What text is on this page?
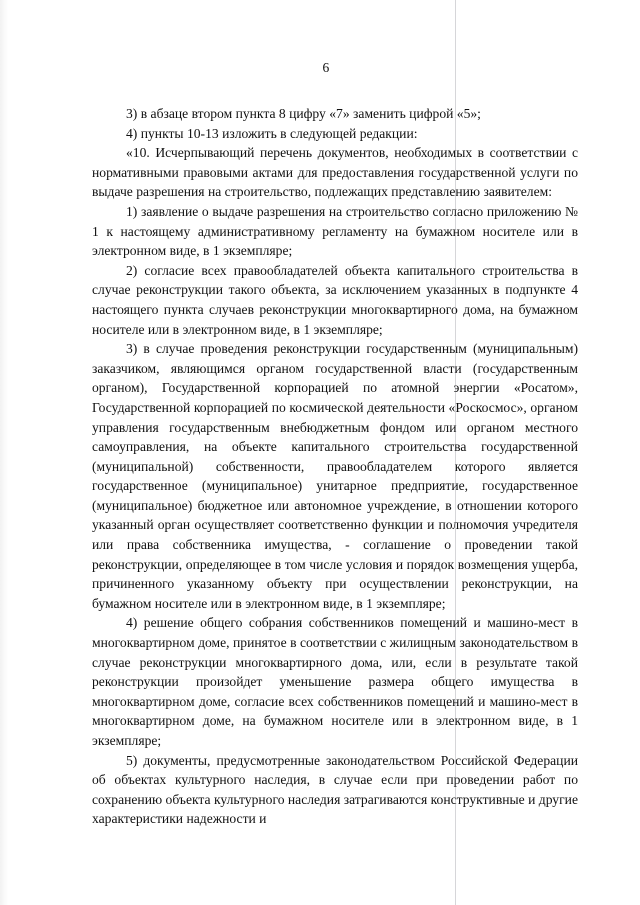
6

3) в абзаце втором пункта 8 цифру «7» заменить цифрой «5»;

4) пункты 10-13 изложить в следующей редакции:

«10. Исчерпывающий перечень документов, необходимых в соответствии с нормативными правовыми актами для предоставления государственной услуги по выдаче разрешения на строительство, подлежащих представлению заявителем:

1) заявление о выдаче разрешения на строительство согласно приложению № 1 к настоящему административному регламенту на бумажном носителе или в электронном виде, в 1 экземпляре;

2) согласие всех правообладателей объекта капитального строительства в случае реконструкции такого объекта, за исключением указанных в подпункте 4 настоящего пункта случаев реконструкции многоквартирного дома, на бумажном носителе или в электронном виде, в 1 экземпляре;

3) в случае проведения реконструкции государственным (муниципальным) заказчиком, являющимся органом государственной власти (государственным органом), Государственной корпорацией по атомной энергии «Росатом», Государственной корпорацией по космической деятельности «Роскосмос», органом управления государственным внебюджетным фондом или органом местного самоуправления, на объекте капитального строительства государственной (муниципальной) собственности, правообладателем которого является государственное (муниципальное) унитарное предприятие, государственное (муниципальное) бюджетное или автономное учреждение, в отношении которого указанный орган осуществляет соответственно функции и полномочия учредителя или права собственника имущества, - соглашение о проведении такой реконструкции, определяющее в том числе условия и порядок возмещения ущерба, причиненного указанному объекту при осуществлении реконструкции, на бумажном носителе или в электронном виде, в 1 экземпляре;

4) решение общего собрания собственников помещений и машино-мест в многоквартирном доме, принятое в соответствии с жилищным законодательством в случае реконструкции многоквартирного дома, или, если в результате такой реконструкции произойдет уменьшение размера общего имущества в многоквартирном доме, согласие всех собственников помещений и машино-мест в многоквартирном доме, на бумажном носителе или в электронном виде, в 1 экземпляре;

5) документы, предусмотренные законодательством Российской Федерации об объектах культурного наследия, в случае если при проведении работ по сохранению объекта культурного наследия затрагиваются конструктивные и другие характеристики надежности и
